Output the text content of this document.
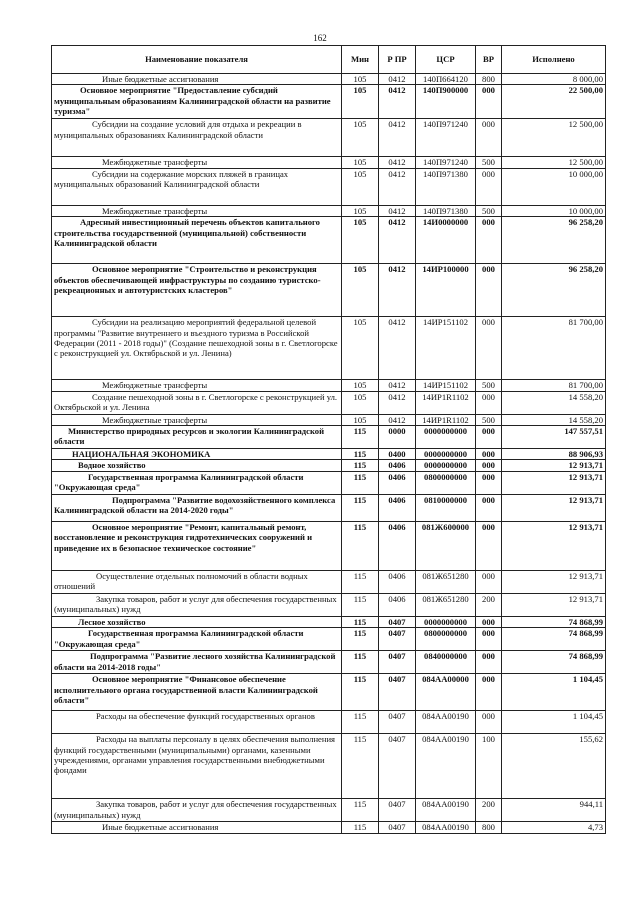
162
Наименование показателя	Мин	Р ПР	ЦСР	ВР	Исполнено
Иные бюджетные ассигнования	105	0412	140П664120	800	8 000,00
Основное мероприятие "Предоставление субсидий муниципальным образованиям Калининградской области на развитие туризма"	105	0412	140П900000	000	22 500,00
Субсидии на создание условий для отдыха и рекреации в муниципальных образованиях Калининградской области	105	0412	140П971240	000	12 500,00
Межбюджетные трансферты	105	0412	140П971240	500	12 500,00
Субсидии на содержание морских пляжей в границах муниципальных образований Калининградской области	105	0412	140П971380	000	10 000,00
Межбюджетные трансферты	105	0412	140П971380	500	10 000,00
Адресный инвестиционный перечень объектов капитального строительства государственной (муниципальной) собственности Калининградской области	105	0412	14И0000000	000	96 258,20
Основное мероприятие "Строительство и реконструкция объектов обеспечивающей инфраструктуры по созданию туристско-рекреационных и автотуристских кластеров"	105	0412	14ИР100000	000	96 258,20
Субсидии на реализацию мероприятий федеральной целевой программы "Развитие внутреннего и въездного туризма в Российской Федерации (2011 - 2018 годы)" (Создание пешеходной зоны в г. Светлогорске с реконструкцией ул. Октябрьской и ул. Ленина)	105	0412	14ИР151102	000	81 700,00
Межбюджетные трансферты	105	0412	14ИР151102	500	81 700,00
Создание пешеходной зоны в г. Светлогорске с реконструкцией ул. Октябрьской и ул. Ленина	105	0412	14ИР1R1102	000	14 558,20
Межбюджетные трансферты	105	0412	14ИР1R1102	500	14 558,20
Министерство природных ресурсов и экологии Калининградской области	115	0000	0000000000	000	147 557,51
НАЦИОНАЛЬНАЯ ЭКОНОМИКА	115	0400	0000000000	000	88 906,93
Водное хозяйство	115	0406	0000000000	000	12 913,71
Государственная программа Калининградской области "Окружающая среда"	115	0406	0800000000	000	12 913,71
Подпрограмма "Развитие водохозяйственного комплекса Калининградской области на 2014-2020 годы"	115	0406	0810000000	000	12 913,71
Основное мероприятие "Ремонт, капитальный ремонт, восстановление и реконструкция гидротехнических сооружений и приведение их в безопасное техническое состояние"	115	0406	081Ж600000	000	12 913,71
Осуществление отдельных полномочий в области водных отношений	115	0406	081Ж651280	000	12 913,71
Закупка товаров, работ и услуг для обеспечения государственных (муниципальных) нужд	115	0406	081Ж651280	200	12 913,71
Лесное хозяйство	115	0407	0000000000	000	74 868,99
Государственная программа Калининградской области "Окружающая среда"	115	0407	0800000000	000	74 868,99
Подпрограмма "Развитие лесного хозяйства Калининградской области на 2014-2018 годы"	115	0407	0840000000	000	74 868,99
Основное мероприятие "Финансовое обеспечение исполнительного органа государственной власти Калининградской области"	115	0407	084АА00000	000	1 104,45
Расходы на обеспечение функций государственных органов	115	0407	084АА00190	000	1 104,45
Расходы на выплаты персоналу в целях обеспечения выполнения функций государственными (муниципальными) органами, казенными учреждениями, органами управления государственными внебюджетными фондами	115	0407	084АА00190	100	155,62
Закупка товаров, работ и услуг для обеспечения государственных (муниципальных) нужд	115	0407	084АА00190	200	944,11
Иные бюджетные ассигнования	115	0407	084АА00190	800	4,73
